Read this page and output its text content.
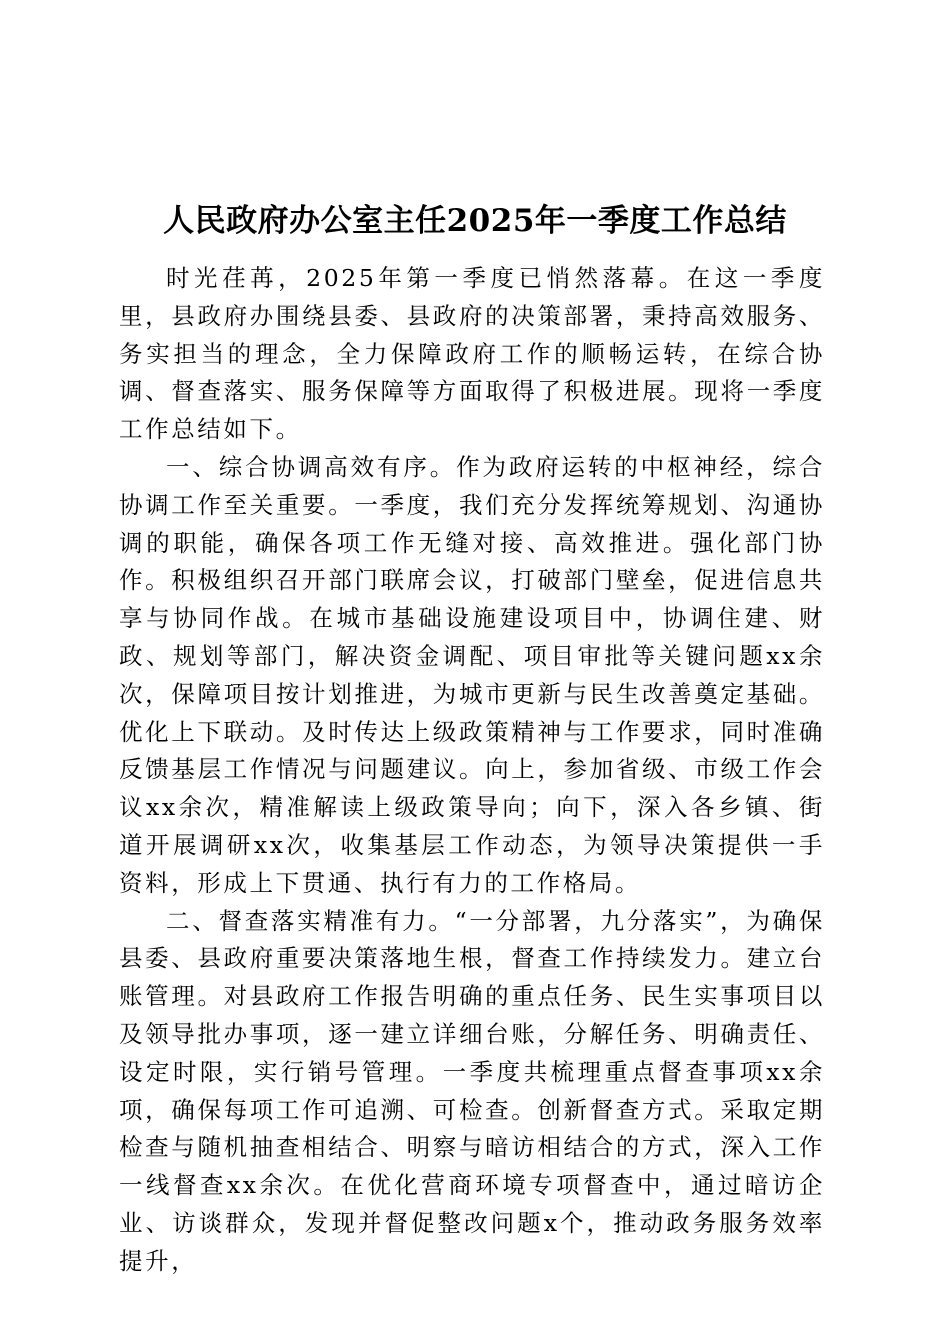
人民政府办公室主任2025年一季度工作总结

时光荏苒，2025年第一季度已悄然落幕。在这一季度里，县政府办围绕县委、县政府的决策部署，秉持高效服务、务实担当的理念，全力保障政府工作的顺畅运转，在综合协调、督查落实、服务保障等方面取得了积极进展。现将一季度工作总结如下。

一、综合协调高效有序。作为政府运转的中枢神经，综合协调工作至关重要。一季度，我们充分发挥统筹规划、沟通协调的职能，确保各项工作无缝对接、高效推进。强化部门协作。积极组织召开部门联席会议，打破部门壁垒，促进信息共享与协同作战。在城市基础设施建设项目中，协调住建、财政、规划等部门，解决资金调配、项目审批等关键问题xx余次，保障项目按计划推进，为城市更新与民生改善奠定基础。优化上下联动。及时传达上级政策精神与工作要求，同时准确反馈基层工作情况与问题建议。向上，参加省级、市级工作会议xx余次，精准解读上级政策导向；向下，深入各乡镇、街道开展调研xx次，收集基层工作动态，为领导决策提供一手资料，形成上下贯通、执行有力的工作格局。

二、督查落实精准有力。“一分部署，九分落实”，为确保县委、县政府重要决策落地生根，督查工作持续发力。建立台账管理。对县政府工作报告明确的重点任务、民生实事项目以及领导批办事项，逐一建立详细台账，分解任务、明确责任、设定时限，实行销号管理。一季度共梳理重点督查事项xx余项，确保每项工作可追溯、可检查。创新督查方式。采取定期检查与随机抽查相结合、明察与暗访相结合的方式，深入工作一线督查xx余次。在优化营商环境专项督查中，通过暗访企业、访谈群众，发现并督促整改问题x个，推动政务服务效率提升，
